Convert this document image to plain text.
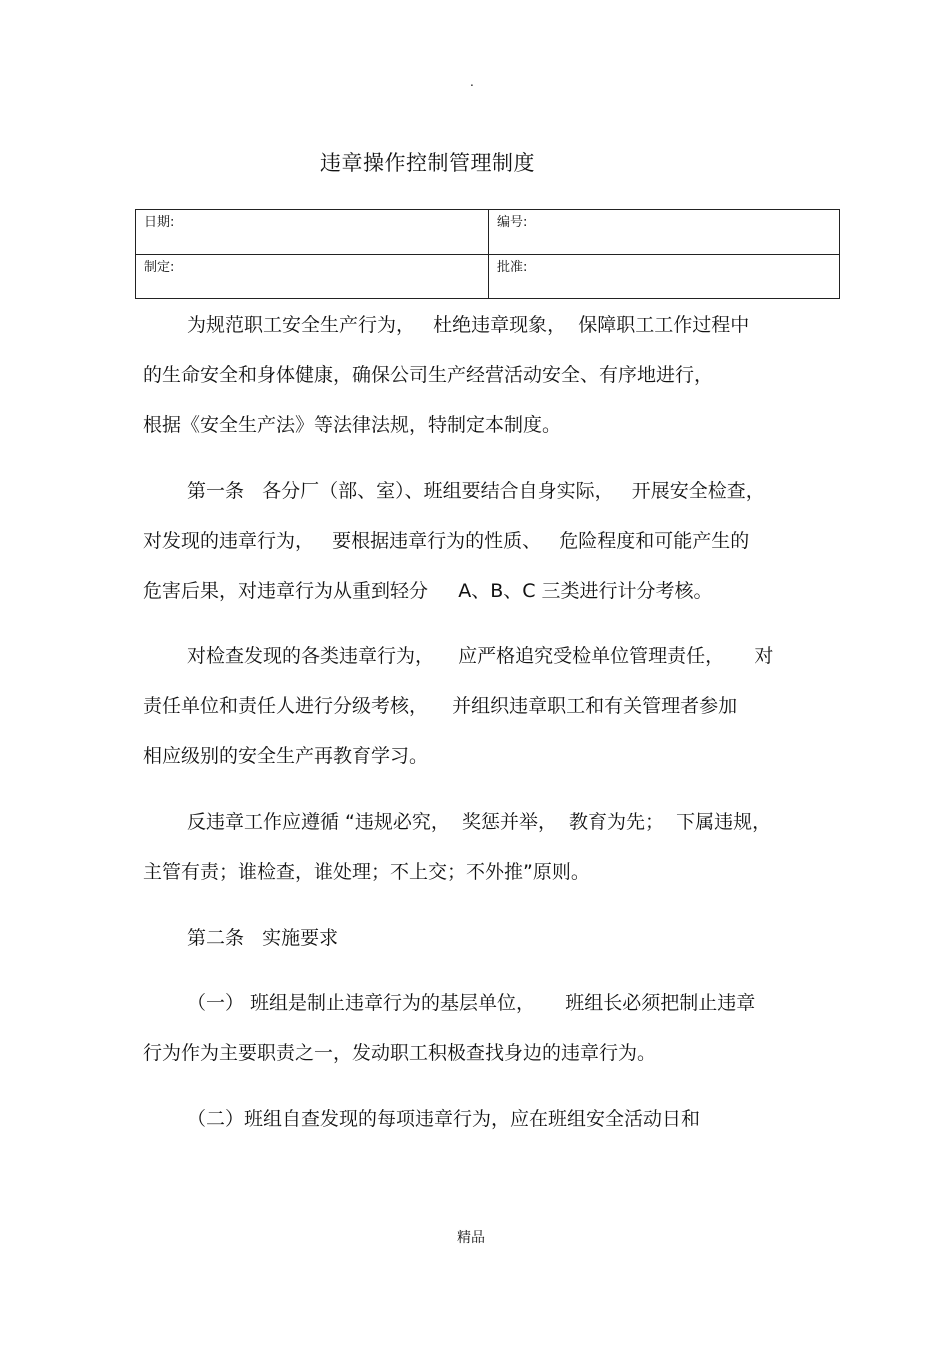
.
违章操作控制管理制度
日期:	编号:
制定:	批准:
为规范职工安全生产行为，   杜绝违章现象，  保障职工工作过程中
的生命安全和身体健康，确保公司生产经营活动安全、有序地进行，
根据《安全生产法》等法律法规，特制定本制度。
第一条   各分厂（部、室）、班组要结合自身实际，   开展安全检查，
对发现的违章行为，   要根据违章行为的性质、   危险程度和可能产生的
危害后果，对违章行为从重到轻分     A、B、C 三类进行计分考核。
对检查发现的各类违章行为，    应严格追究受检单位管理责任，     对
责任单位和责任人进行分级考核，    并组织违章职工和有关管理者参加
相应级别的安全生产再教育学习。
反违章工作应遵循 “违规必究，  奖惩并举，  教育为先；  下属违规，
主管有责；谁检查，谁处理；不上交；不外推”原则。
第二条   实施要求
（一） 班组是制止违章行为的基层单位，     班组长必须把制止违章
行为作为主要职责之一，发动职工积极查找身边的违章行为。
（二）班组自查发现的每项违章行为，应在班组安全活动日和
精品
